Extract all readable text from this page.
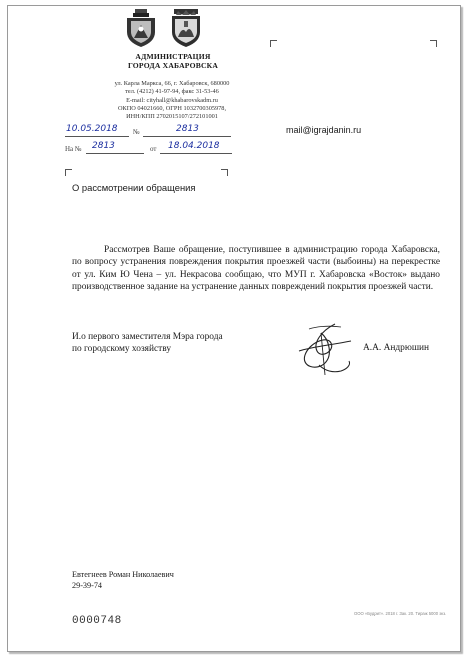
АДМИНИСТРАЦИЯ
ГОРОДА ХАБАРОВСКА
ул. Карла Маркса, 66, г. Хабаровск, 680000
тел. (4212) 41-97-94, факс 31-53-46
E-mail: cityhall@khabarovskadm.ru
ОКПО 04021660, ОГРН 1032700305978,
ИНН/КПП 2702015107/272101001
10.05.2018 №	2813
На № 2813	от 18.04.2018
mail@igrajdanin.ru
О рассмотрении обращения

Рассмотрев Ваше обращение, поступившее в администрацию города Хабаровска, по вопросу устранения повреждения покрытия проезжей части (выбоины) на перекрестке от ул. Ким Ю Чена – ул. Некрасова сообщаю, что МУП г. Хабаровска «Восток» выдано производственное задание на устранение данных повреждений покрытия проезжей части.

И.о первого заместителя Мэра города
по городскому хозяйству	А.А. Андрюшин
Евтегнеев Роман Николаевич
29-39-74
0000748
ООО «Будрит». 2018 г. Зак. 20. Тираж 5000 экз.
